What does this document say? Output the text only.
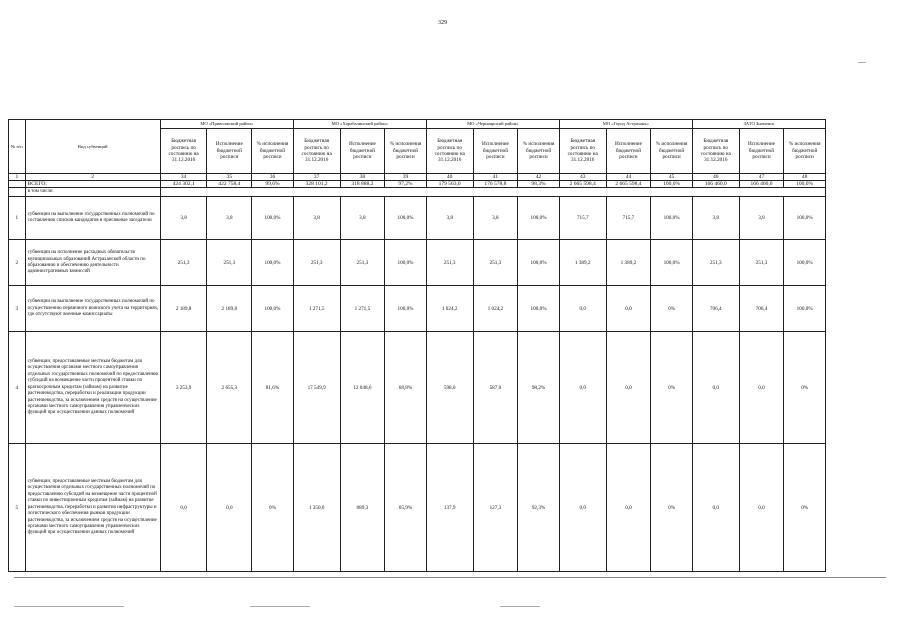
329
№ п/п	Вид субвенций	МО «Приволжский район»			МО «Харабалинский район»			МО «Черноярский район»			МО «Город Астрахань»			ЗАТО Знаменск		
		Бюджетная роспись по состоянию на 31.12.2016	Исполнение бюджетной росписи	% исполнения бюджетной росписи	Бюджетная роспись по состоянию на 31.12.2016	Исполнение бюджетной росписи	% исполнения бюджетной росписи	Бюджетная роспись по состоянию на 31.12.2016	Исполнение бюджетной росписи	% исполнения бюджетной росписи	Бюджетная роспись по состоянию на 31.12.2016	Исполнение бюджетной росписи	% исполнения бюджетной росписи	Бюджетная роспись по состоянию на 31.12.2016	Исполнение бюджетной росписи	% исполнения бюджетной росписи
1	2	34	35	36	37	38	39	40	41	42	43	44	45	46	47	48
	ВСЕГО:	424 302,1	422 758,4	99,6%	328 101,2	318 888,2	97,2%	179 563,0	176 578,8	98,3%	2 665 598,4	2 665 598,4	100,0%	166 460,0	166 460,0	100,0%
	в том числе:															
1	субвенции на выполнение государственных полномочий по составлению списков кандидатов в присяжные заседатели	3,8	3,8	100,0%	3,8	3,8	100,0%	3,8	3,8	100,0%	715,7	715,7	100,0%	3,8	3,8	100,0%
2	субвенции на исполнение расходных обязательств муниципальных образований Астраханской области по образованию и обеспечению деятельности административных комиссий	251,3	251,3	100,0%	251,3	251,3	100,0%	251,3	251,3	100,0%	1 389,2	1 389,2	100,0%	251,3	251,3	100,0%
3	субвенции на выполнение государственных полномочий по осуществлению первичного воинского учета на территориях, где отсутствуют военные комиссариаты	2 189,8	2 189,8	100,0%	1 271,5	1 271,5	100,0%	1 024,2	1 024,2	100,0%	0,0	0,0	0%	706,4	706,4	100,0%
4	субвенции, предоставляемые местным бюджетам для осуществления органами местного самоуправления отдельных государственных полномочий по предоставлению субсидий на возмещение части процентной ставки по краткосрочным кредитам (займам) на развитие растениеводства, переработки и реализации продукции растениеводства, за исключением средств на осуществление органами местного самоуправления управленческих функций при осуществлении данных полномочий	3 253,9	2 655,3	81,6%	17 549,9	12 048,6	68,8%	598,0	587,0	98,2%	0,0	0,0	0%	0,0	0,0	0%
5	субвенции, предоставляемые местным бюджетам для осуществления отдельных государственных полномочий по предоставлению субсидий на возмещение части процентной ставки по инвестиционным кредитам (займам) на развитие растениеводства, переработки и развития инфраструктуры и логистического обеспечения рынков продукции растениеводства, за исключением средств на осуществление органами местного самоуправления управленческих функций при осуществлении данных полномочий	0,0	0,0	0%	1 350,0	889,3	65,9%	137,9	127,3	92,3%	0,0	0,0	0%	0,0	0,0	0%
